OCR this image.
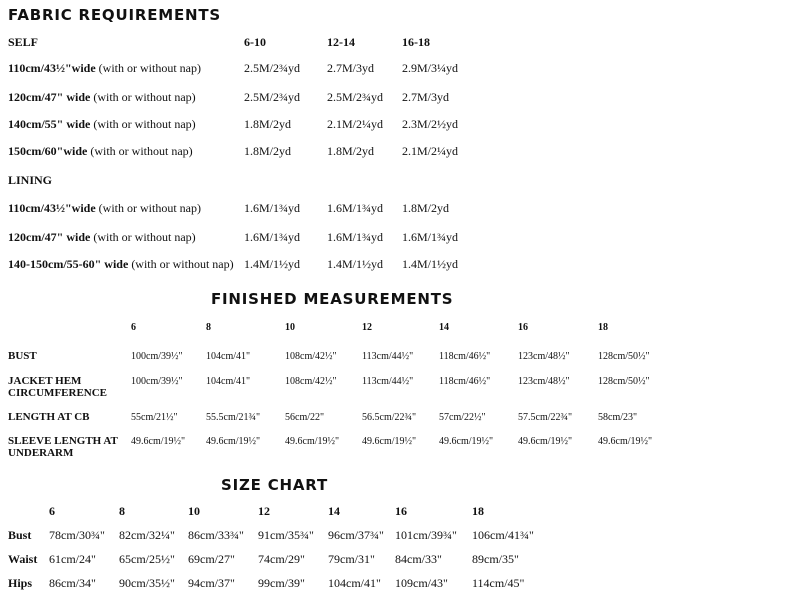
FABRIC REQUIREMENTS
SELF	6-10	12-14	16-18
110cm/43½"wide (with or without nap)	2.5M/2¾yd 2.7M/3yd 2.9M/3¼yd
120cm/47" wide (with or without nap)	2.5M/2¾yd 2.5M/2¾yd 2.7M/3yd
140cm/55" wide (with or without nap)	1.8M/2yd	2.1M/2¼yd 2.3M/2½yd
150cm/60"wide (with or without nap)	1.8M/2yd	1.8M/2yd 2.1M/2¼yd
LINING
110cm/43½"wide (with or without nap)	1.6M/1¾yd 1.6M/1¾yd 1.8M/2yd
120cm/47" wide (with or without nap)	1.6M/1¾yd 1.6M/1¾yd 1.6M/1¾yd
140-150cm/55-60" wide (with or without nap) 1.4M/1½yd 1.4M/1½yd 1.4M/1½yd
FINISHED MEASUREMENTS
6	8	10	12	14	16	18
BUST	100cm/39½" 104cm/41"	108cm/42½"	113cm/44½"	118cm/46½"	123cm/48½"	128cm/50½"
JACKET HEM CIRCUMFERENCE
100cm/39½" 104cm/41"	108cm/42½"	113cm/44½"	118cm/46½"	123cm/48½"	128cm/50½"
LENGTH AT CB	55cm/21½"	55.5cm/21¾" 56cm/22"	56.5cm/22¾" 57cm/22½"	57.5cm/22¾"	58cm/23"
SLEEVE LENGTH AT UNDERARM
49.6cm/19½" 49.6cm/19½" 49.6cm/19½" 49.6cm/19½" 49.6cm/19½" 49.6cm/19½"	49.6cm/19½"
SIZE CHART
6	8	10	12	14	16	18
Bust 78cm/30¾" 82cm/32¼" 86cm/33¾" 91cm/35¾" 96cm/37¾" 101cm/39¾" 106cm/41¾"
Waist 61cm/24" 65cm/25½" 69cm/27" 74cm/29" 79cm/31" 84cm/33"	89cm/35"
Hips 86cm/34" 90cm/35½" 94cm/37" 99cm/39" 104cm/41" 109cm/43" 114cm/45"
